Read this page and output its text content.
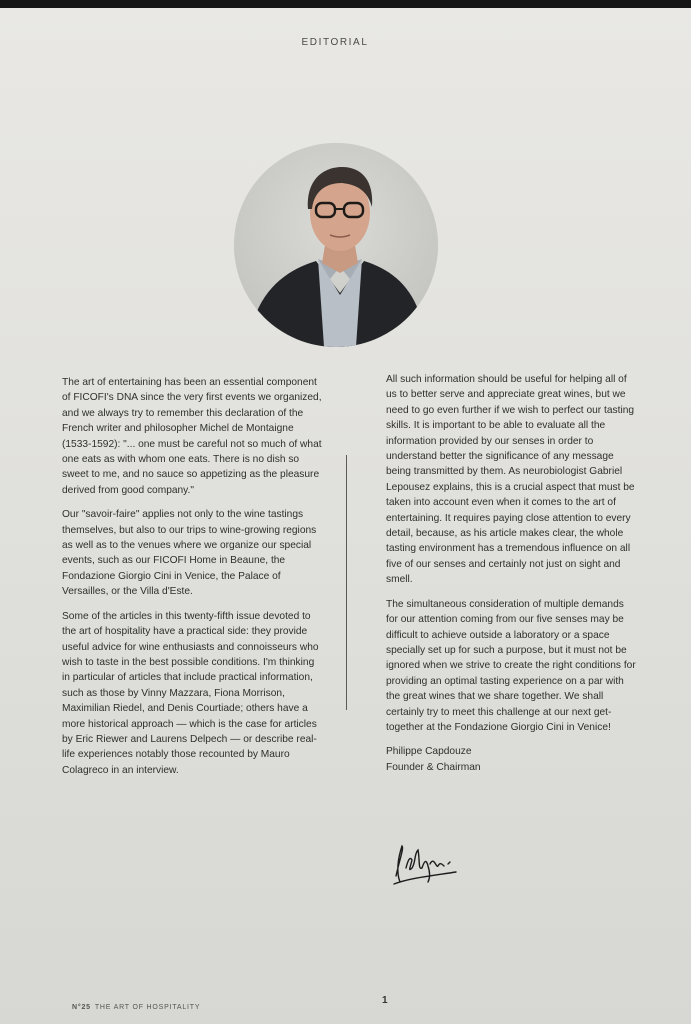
EDITORIAL

The art of entertaining has been an essential component of FICOFI's DNA since the very first events we organized, and we always try to remember this declaration of the French writer and philosopher Michel de Montaigne (1533-1592): "... one must be careful not so much of what one eats as with whom one eats. There is no dish so sweet to me, and no sauce so appetizing as the pleasure derived from good company."

Our "savoir-faire" applies not only to the wine tastings themselves, but also to our trips to wine-growing regions as well as to the venues where we organize our special events, such as our FICOFI Home in Beaune, the Fondazione Giorgio Cini in Venice, the Palace of Versailles, or the Villa d'Este.

Some of the articles in this twenty-fifth issue devoted to the art of hospitality have a practical side: they provide useful advice for wine enthusiasts and connoisseurs who wish to taste in the best possible conditions. I'm thinking in particular of articles that include practical information, such as those by Vinny Mazzara, Fiona Morrison, Maximilian Riedel, and Denis Courtiade; others have a more historical approach — which is the case for articles by Eric Riewer and Laurens Delpech — or describe real-life experiences notably those recounted by Mauro Colagreco in an interview.

All such information should be useful for helping all of us to better serve and appreciate great wines, but we need to go even further if we wish to perfect our tasting skills. It is important to be able to evaluate all the information provided by our senses in order to understand better the significance of any message being transmitted by them. As neurobiologist Gabriel Lepousez explains, this is a crucial aspect that must be taken into account even when it comes to the art of entertaining. It requires paying close attention to every detail, because, as his article makes clear, the whole tasting environment has a tremendous influence on all five of our senses and certainly not just on sight and smell.

The simultaneous consideration of multiple demands for our attention coming from our five senses may be difficult to achieve outside a laboratory or a space specially set up for such a purpose, but it must not be ignored when we strive to create the right conditions for providing an optimal tasting experience on a par with the great wines that we share together. We shall certainly try to meet this challenge at our next get-together at the Fondazione Giorgio Cini in Venice!

Philippe Capdouze
Founder & Chairman
N°25 THE ART OF HOSPITALITY
1
